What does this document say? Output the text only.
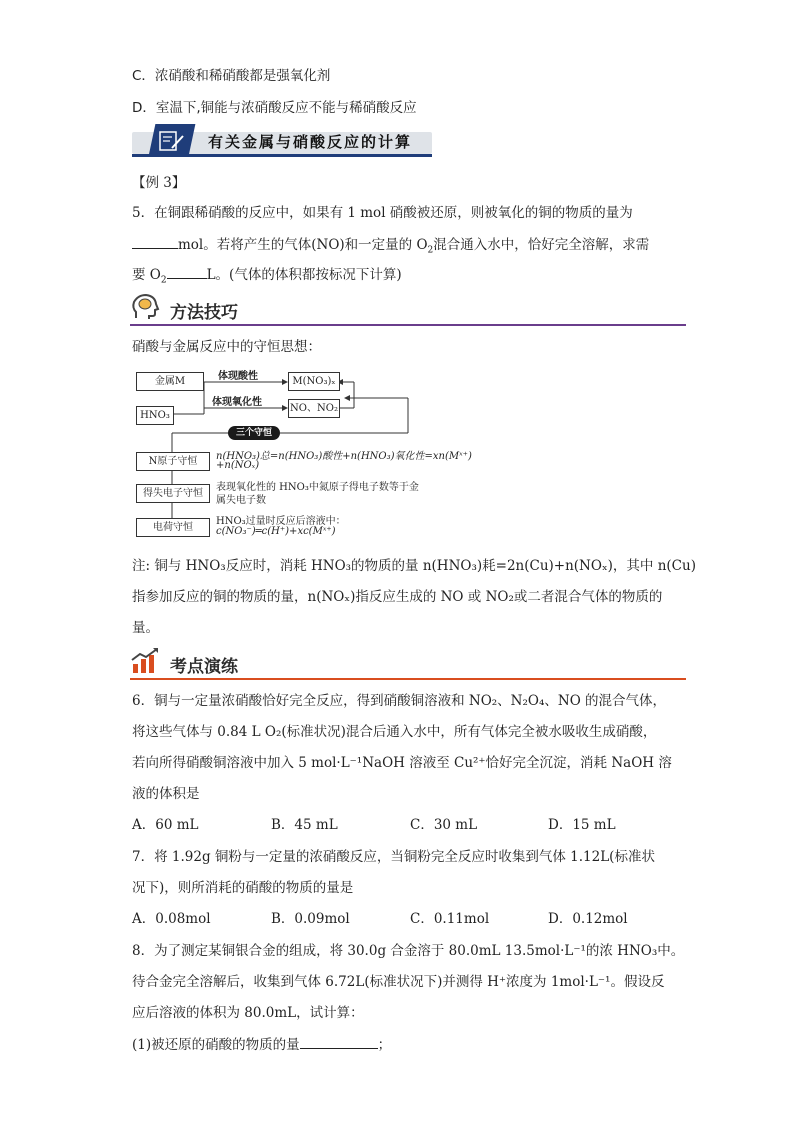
C．浓硝酸和稀硝酸都是强氧化剂
D．室温下,铜能与浓硝酸反应不能与稀硝酸反应
有关金属与硝酸反应的计算
【例 3】
5．在铜跟稀硝酸的反应中，如果有 1 mol 硝酸被还原，则被氧化的铜的物质的量为
mol。若将产生的气体(NO)和一定量的 $O_2$混合通入水中，恰好完全溶解，求需
要 $O_2$	L。(气体的体积都按标况下计算)
方法技巧
硝酸与金属反应中的守恒思想：
金属M
HNO₃
体现酸性
体现氧化性
M(NO₃)ₓ
NO、NO₂
三个守恒
N原子守恒	n(HNO₃)总=n(HNO₃)酸性+n(HNO₃)氧化性=xn(Mˣ⁺)
+n(NOₓ)
得失电子守恒
表现氧化性的 HNO₃中氮原子得电子数等于金
属失电子数
电荷守恒
HNO₃过量时反应后溶液中：
c(NO₃⁻)═c(H⁺)+xc(Mˣ⁺)
注: 铜与 HNO₃反应时，消耗 HNO₃的物质的量 n(HNO₃)耗=2n(Cu)+n(NOₓ)，其中 n(Cu)
指参加反应的铜的物质的量，n(NOₓ)指反应生成的 NO 或 NO₂或二者混合气体的物质的
量。
考点演练
6．铜与一定量浓硝酸恰好完全反应，得到硝酸铜溶液和 NO₂、N₂O₄、NO 的混合气体，
将这些气体与 0.84 L O₂(标准状况)混合后通入水中，所有气体完全被水吸收生成硝酸，
若向所得硝酸铜溶液中加入 5 mol·L⁻¹NaOH 溶液至 Cu²⁺恰好完全沉淀，消耗 NaOH 溶
液的体积是
A．60 mL	B．45 mL	C．30 mL	D．15 mL
7．将 1.92g 铜粉与一定量的浓硝酸反应，当铜粉完全反应时收集到气体 1.12L(标准状
况下)，则所消耗的硝酸的物质的量是
A．0.08mol	B．0.09mol	C．0.11mol	D．0.12mol
8．为了测定某铜银合金的组成，将 30.0g 合金溶于 80.0mL 13.5mol·L⁻¹的浓 HNO₃中。
待合金完全溶解后，收集到气体 6.72L(标准状况下)并测得 H⁺浓度为 1mol·L⁻¹。假设反
应后溶液的体积为 80.0mL，试计算：
(1)被还原的硝酸的物质的量	；
